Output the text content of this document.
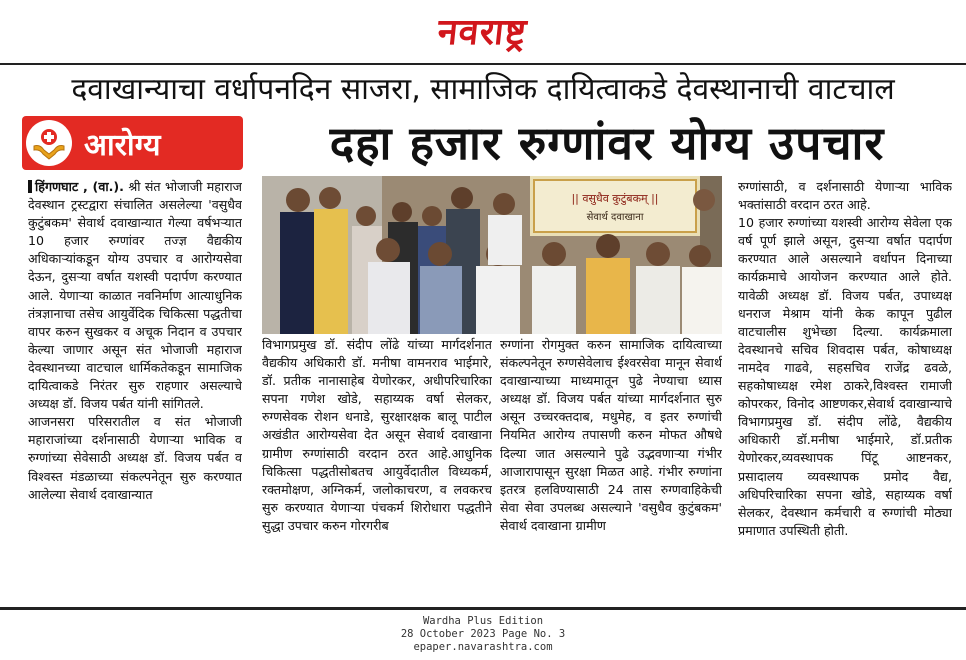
नवराष्ट्र
दवाखान्याचा वर्धापनदिन साजरा, सामाजिक दायित्वाकडे देवस्थानाची वाटचाल
आरोग्य	दहा हजार रुग्णांवर योग्य उपचार

हिंगणघाट , (वा.). श्री संत भोजाजी महाराज देवस्थान ट्रस्टद्वारा संचालित असलेल्या 'वसुधैव कुटुंबकम' सेवार्थ दवाखान्यात गेल्या वर्षभऱ्यात 10 हजार रुग्णांवर तज्ज्ञ वैद्यकीय अधिकाऱ्यांकडून योग्य उपचार व आरोग्यसेवा देऊन, दुसऱ्या वर्षात यशस्वी पदार्पण करण्यात आले. येणाऱ्या काळात नवनिर्माण आत्याधुनिक तंत्रज्ञानाचा तसेच आयुर्वेदिक चिकित्सा पद्धतीचा वापर करुन सुखकर व अचूक निदान व उपचार केल्या जाणार असून संत भोजाजी महाराज देवस्थानच्या वाटचाल धार्मिकतेकडून सामाजिक दायित्वाकडे निरंतर सुरु राहणार असल्याचे अध्यक्ष डॉ. विजय पर्बत यांनी सांगितले.

आजनसरा परिसरातील व संत भोजाजी महाराजांच्या दर्शनासाठी येणाऱ्या भाविक व रुग्णांच्या सेवेसाठी अध्यक्ष डॉ. विजय पर्बत व विश्वस्त मंडळाच्या संकल्पनेतून सुरु करण्यात आलेल्या सेवार्थ दवाखान्यात

|| वसुधैव कुटुंबकम् ||
सेवार्थ दवाखाना

विभागप्रमुख डॉ. संदीप लोंढे यांच्या मार्गदर्शनात वैद्यकीय अधिकारी डॉ. मनीषा वामनराव भाईमारे, डॉ. प्रतीक नानासाहेब येणोरकर, अधीपरिचारिका सपना गणेश खोडे, सहाय्यक वर्षा सेलकर, रुग्णसेवक रोशन धनाडे, सुरक्षारक्षक बालू पाटील अखंडीत आरोग्यसेवा देत असून सेवार्थ दवाखाना ग्रामीण रुग्णांसाठी वरदान ठरत आहे.आधुनिक चिकित्सा पद्धतीसोबतच आयुर्वेदातील विध्यकर्म, रक्तमोक्षण, अग्निकर्म, जलोकाचरण, व लवकरच सुरु करण्यात येणाऱ्या पंचकर्म शिरोधारा पद्धतीने सुद्धा उपचार करुन गोरगरीब

रुग्णांना रोगमुक्त करुन सामाजिक दायित्वाच्या संकल्पनेतून रुग्णसेवेलाच ईश्वरसेवा मानून सेवार्थ दवाखान्याच्या माध्यमातून पुढे नेण्याचा ध्यास अध्यक्ष डॉ. विजय पर्बत यांच्या मार्गदर्शनात सुरु असून उच्चरक्तदाब, मधुमेह, व इतर रुग्णांची नियमित आरोग्य तपासणी करुन मोफत औषधे दिल्या जात असल्याने पुढे उद्भवणाऱ्या गंभीर आजारापासून सुरक्षा मिळत आहे. गंभीर रुग्णांना इतरत्र हलविण्यासाठी 24 तास रुग्णवाहिकेची सेवा सेवा उपलब्ध असल्याने 'वसुधैव कुटुंबकम' सेवार्थ दवाखाना ग्रामीण

रुग्णांसाठी, व दर्शनासाठी येणाऱ्या भाविक भक्तांसाठी वरदान ठरत आहे.

10 हजार रुग्णांच्या यशस्वी आरोग्य सेवेला एक वर्ष पूर्ण झाले असून, दुसऱ्या वर्षात पदार्पण करण्यात आले असल्याने वर्धापन दिनाच्या कार्यक्रमाचे आयोजन करण्यात आले होते. यावेळी अध्यक्ष डॉ. विजय पर्बत, उपाध्यक्ष धनराज मेश्राम यांनी केक कापून पुढील वाटचालीस शुभेच्छा दिल्या. कार्यक्रमाला देवस्थानचे सचिव शिवदास पर्बत, कोषाध्यक्ष नामदेव गाढवे, सहसचिव राजेंद्र ढवळे, सहकोषाध्यक्ष रमेश ठाकरे,विश्वस्त रामाजी कोपरकर, विनोद आष्टणकर,सेवार्थ दवाखान्याचे विभागप्रमुख डॉ. संदीप लोंढे, वैद्यकीय अधिकारी डॉ.मनीषा भाईमारे, डॉ.प्रतीक येणोरकर,व्यवस्थापक पिंटू आष्टनकर, प्रसादालय व्यवस्थापक प्रमोद वैद्य, अधिपरिचारिका सपना खोडे, सहाय्यक वर्षा सेलकर, देवस्थान कर्मचारी व रुग्णांची मोठ्या प्रमाणात उपस्थिती होती.

Wardha Plus Edition
28 October 2023 Page No. 3
epaper.navarashtra.com
